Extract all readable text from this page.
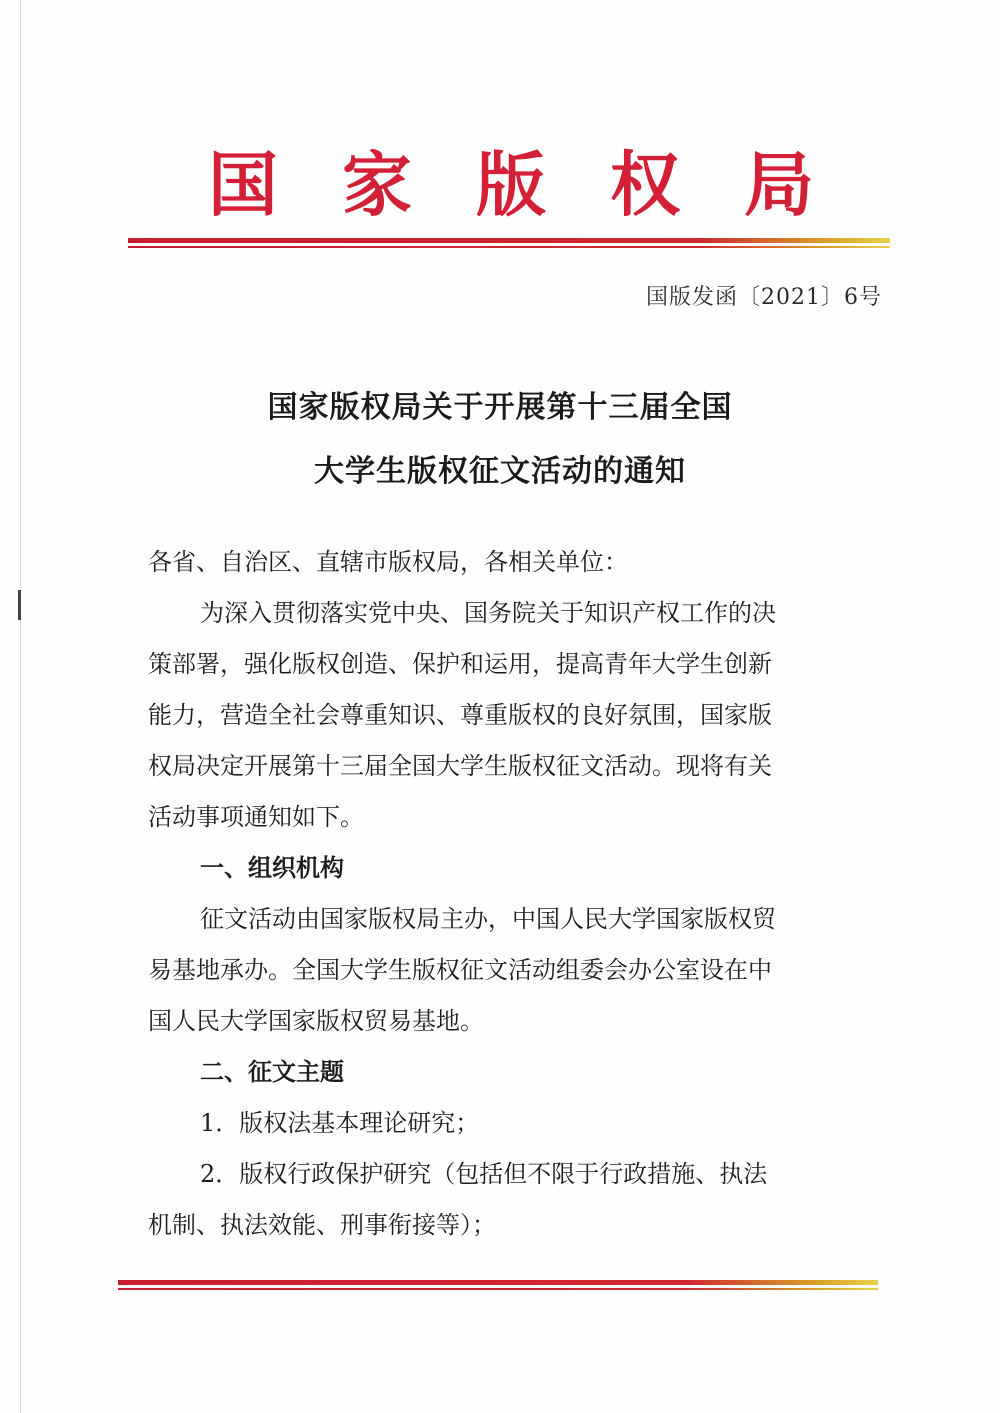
国 家 版 权 局
国版发函〔2021〕6号
国家版权局关于开展第十三届全国
大学生版权征文活动的通知
各省、自治区、直辖市版权局，各相关单位：
为深入贯彻落实党中央、国务院关于知识产权工作的决
策部署，强化版权创造、保护和运用，提高青年大学生创新
能力，营造全社会尊重知识、尊重版权的良好氛围，国家版
权局决定开展第十三届全国大学生版权征文活动。现将有关
活动事项通知如下。
一、组织机构
征文活动由国家版权局主办，中国人民大学国家版权贸
易基地承办。全国大学生版权征文活动组委会办公室设在中
国人民大学国家版权贸易基地。
二、征文主题
1．版权法基本理论研究；
2．版权行政保护研究（包括但不限于行政措施、执法
机制、执法效能、刑事衔接等）；
